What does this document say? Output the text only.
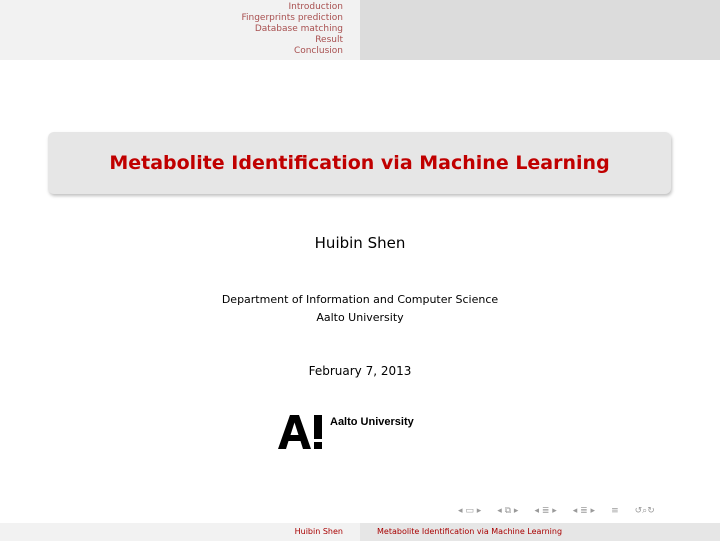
Introduction
Fingerprints prediction
Database matching
Result
Conclusion
Metabolite Identification via Machine Learning
Huibin Shen
Department of Information and Computer Science
Aalto University
February 7, 2013
Aalto University
◂ ▭ ▸ ◂ ⧉ ▸ ◂ ≣ ▸ ◂ ≣ ▸ ≡ ↺⌕↻
Huibin Shen	Metabolite Identification via Machine Learning
